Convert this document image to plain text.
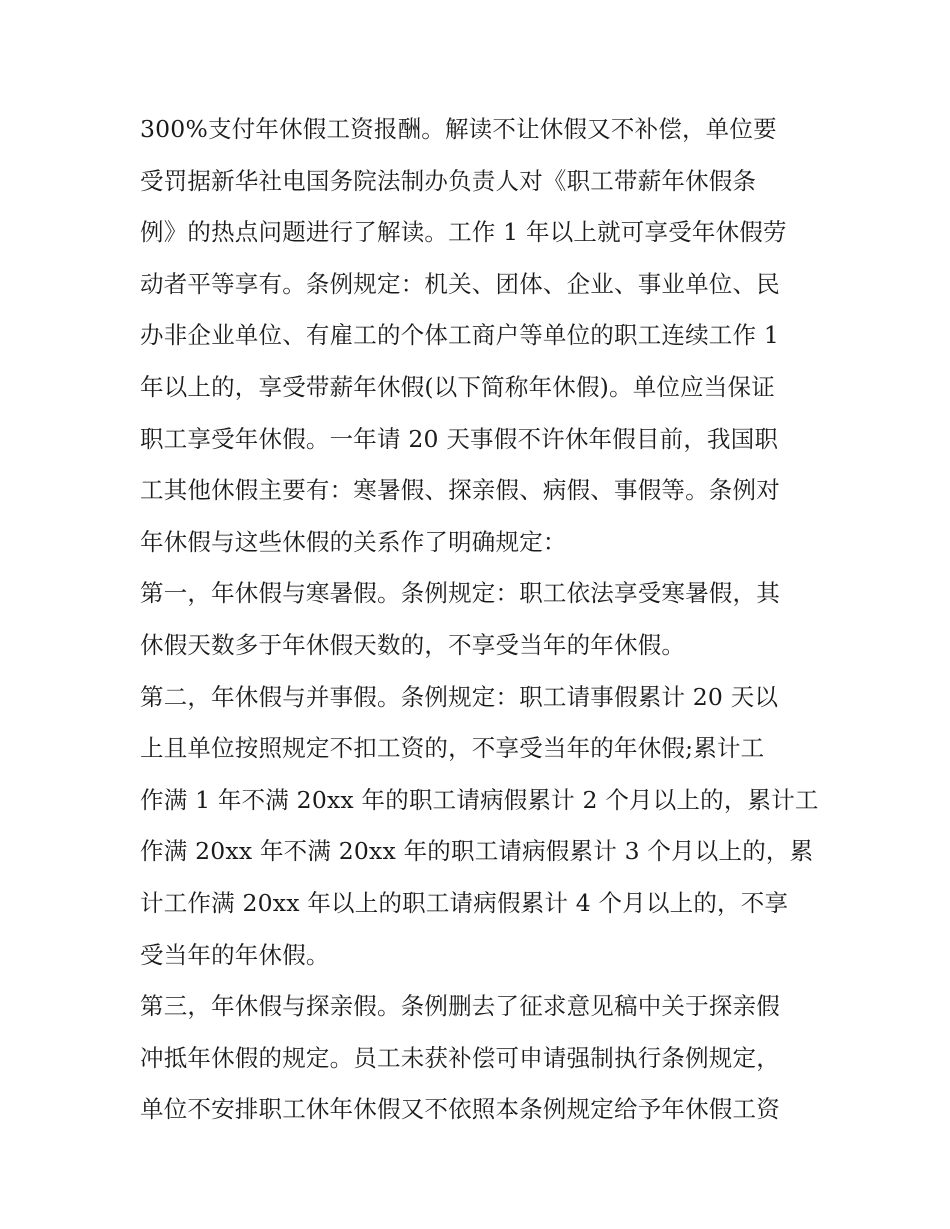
300%支付年休假工资报酬。解读不让休假又不补偿，单位要
受罚据新华社电国务院法制办负责人对《职工带薪年休假条
例》的热点问题进行了解读。工作 1 年以上就可享受年休假劳
动者平等享有。条例规定：机关、团体、企业、事业单位、民
办非企业单位、有雇工的个体工商户等单位的职工连续工作 1
年以上的，享受带薪年休假(以下简称年休假)。单位应当保证
职工享受年休假。一年请 20 天事假不许休年假目前，我国职
工其他休假主要有：寒暑假、探亲假、病假、事假等。条例对
年休假与这些休假的关系作了明确规定：
第一，年休假与寒暑假。条例规定：职工依法享受寒暑假，其
休假天数多于年休假天数的，不享受当年的年休假。
第二，年休假与并事假。条例规定：职工请事假累计 20 天以
上且单位按照规定不扣工资的，不享受当年的年休假;累计工
作满 1 年不满 20xx 年的职工请病假累计 2 个月以上的，累计工
作满 20xx 年不满 20xx 年的职工请病假累计 3 个月以上的，累
计工作满 20xx 年以上的职工请病假累计 4 个月以上的，不享
受当年的年休假。
第三，年休假与探亲假。条例删去了征求意见稿中关于探亲假
冲抵年休假的规定。员工未获补偿可申请强制执行条例规定，
单位不安排职工休年休假又不依照本条例规定给予年休假工资
